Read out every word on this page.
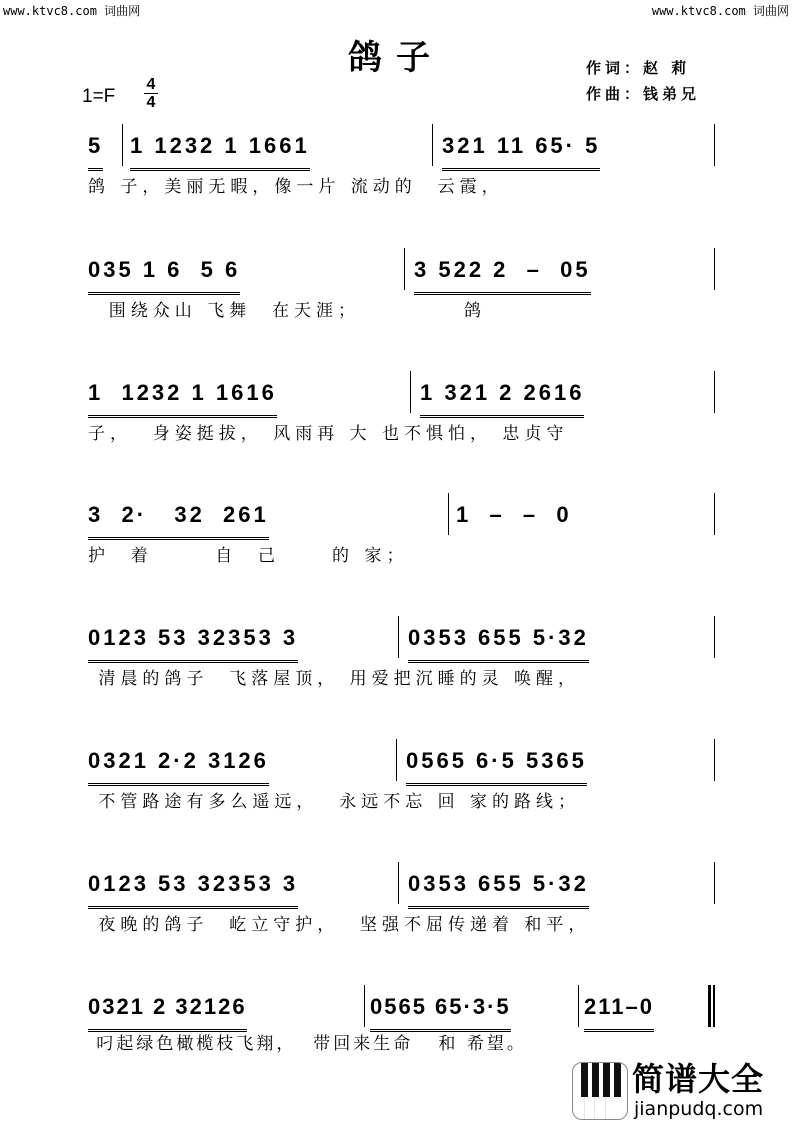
www.ktvc8.com 词曲网	www.ktvc8.com 词曲网
鸽子	作词：赵 莉
作曲：钱弟兄
1=F
4
4
5 1 1232 1 1661	321 11 65· 5
鸽 子，美丽无暇，像一片 流动的  云霞，
035 1 6  5 6	3 522 2  –  05
围绕众山 飞舞  在天涯；          鸽
1  1232 1 1616	1 321 2 2616
子，  身姿挺拔， 风雨再 大 也不惧怕， 忠贞守
3  2·   32  261	1  –  –  0
护  着      自  己     的 家；
0123 53 32353 3	0353 655 5·32
清晨的鸽子  飞落屋顶， 用爱把沉睡的灵 唤醒，
0321 2·2 3126	0565 6·5 5365
不管路途有多么遥远，  永远不忘 回 家的路线；
0123 53 32353 3	0353 655 5·32
夜晚的鸽子  屹立守护，  坚强不屈传递着 和平，
0321 2 32126	0565 65·3·5	211–0
叼起绿色橄榄枝飞翔，  带回来生命   和 希望。
简谱大全
jianpudq.com
